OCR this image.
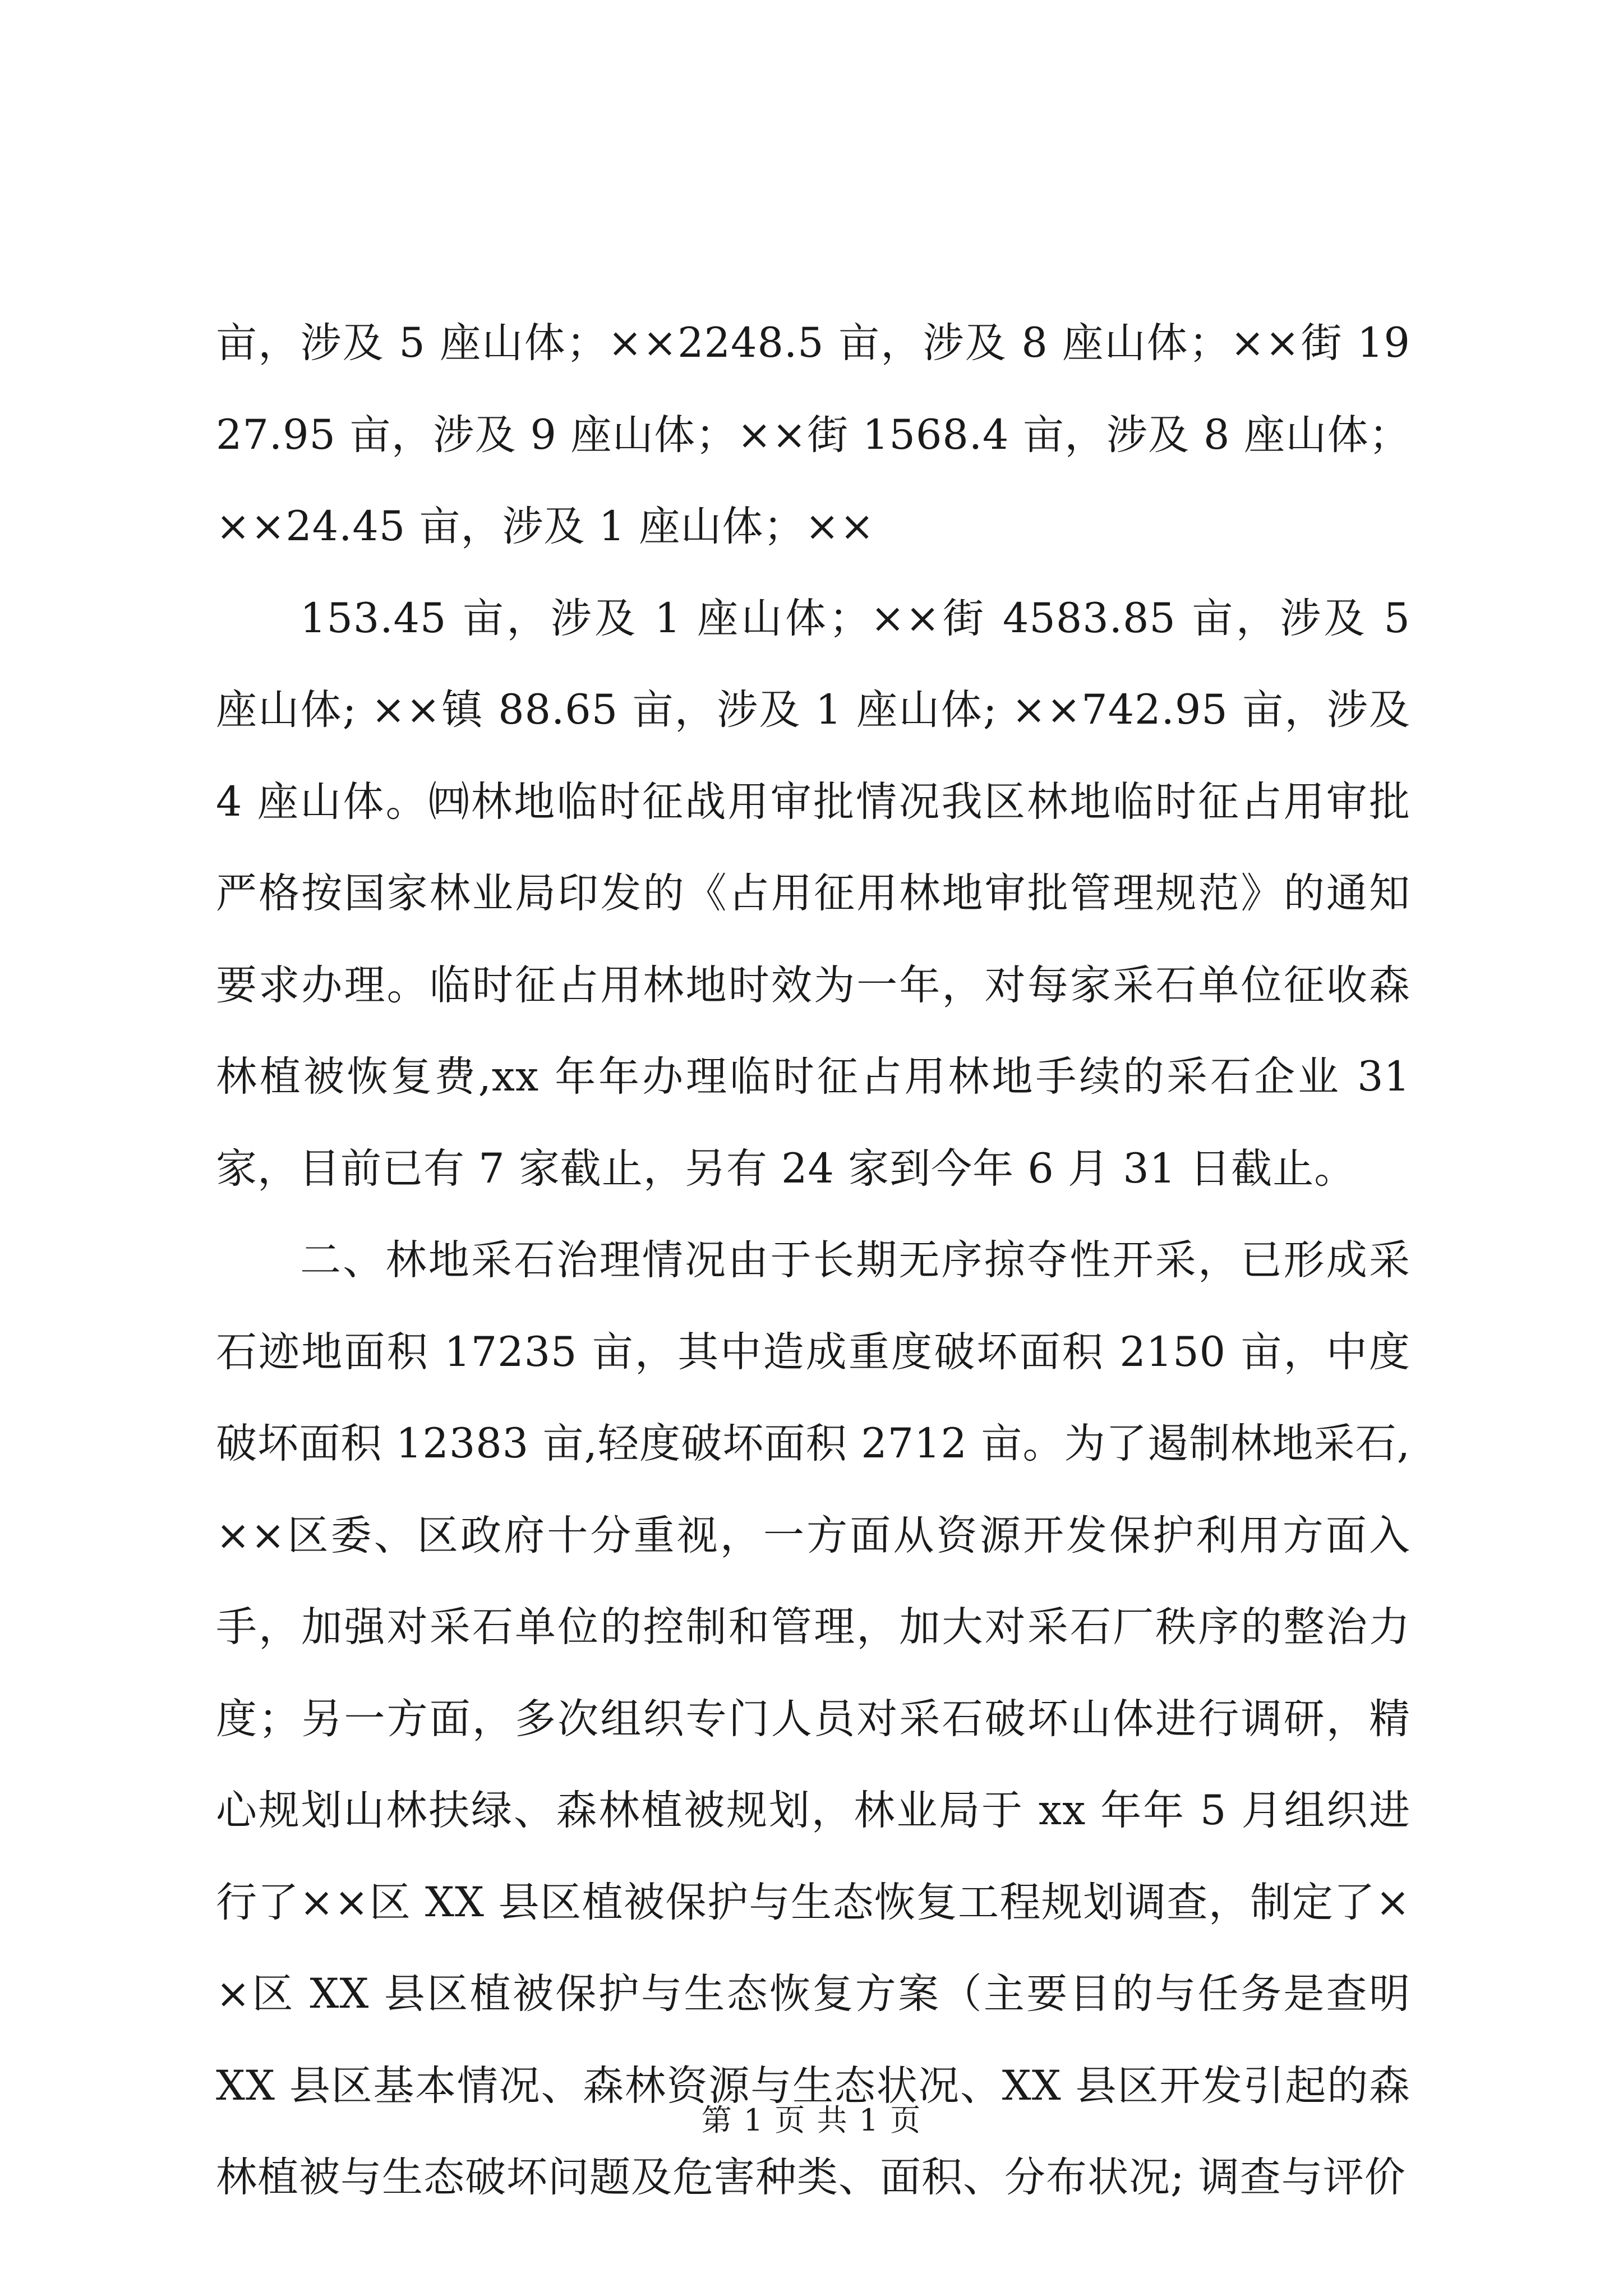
亩，涉及 5 座山体；××2248.5 亩，涉及 8 座山体；××街 1927.95 亩，涉及 9 座山体；××街 1568.4 亩，涉及 8 座山体；××24.45 亩，涉及 1 座山体；××

153.45 亩，涉及 1 座山体；××街 4583.85 亩，涉及 5 座山体; ××镇 88.65 亩，涉及 1 座山体; ××742.95 亩，涉及 4 座山体。㈣林地临时征战用审批情况我区林地临时征占用审批严格按国家林业局印发的《占用征用林地审批管理规范》的通知要求办理。临时征占用林地时效为一年，对每家采石单位征收森林植被恢复费,xx 年年办理临时征占用林地手续的采石企业 31 家，目前已有 7 家截止，另有 24 家到今年 6 月 31 日截止。

二、林地采石治理情况由于长期无序掠夺性开采，已形成采石迹地面积 17235 亩，其中造成重度破坏面积 2150 亩，中度破坏面积 12383 亩,轻度破坏面积 2712 亩。为了遏制林地采石,××区委、区政府十分重视，一方面从资源开发保护利用方面入手，加强对采石单位的控制和管理，加大对采石厂秩序的整治力度；另一方面，多次组织专门人员对采石破坏山体进行调研，精心规划山林扶绿、森林植被规划，林业局于 xx 年年 5 月组织进行了××区 XX 县区植被保护与生态恢复工程规划调查，制定了××区 XX 县区植被保护与生态恢复方案（主要目的与任务是查明 XX 县区基本情况、森林资源与生态状况、XX 县区开发引起的森林植被与生态破坏问题及危害种类、面积、分布状况; 调查与评价

第 1 页 共 1 页
